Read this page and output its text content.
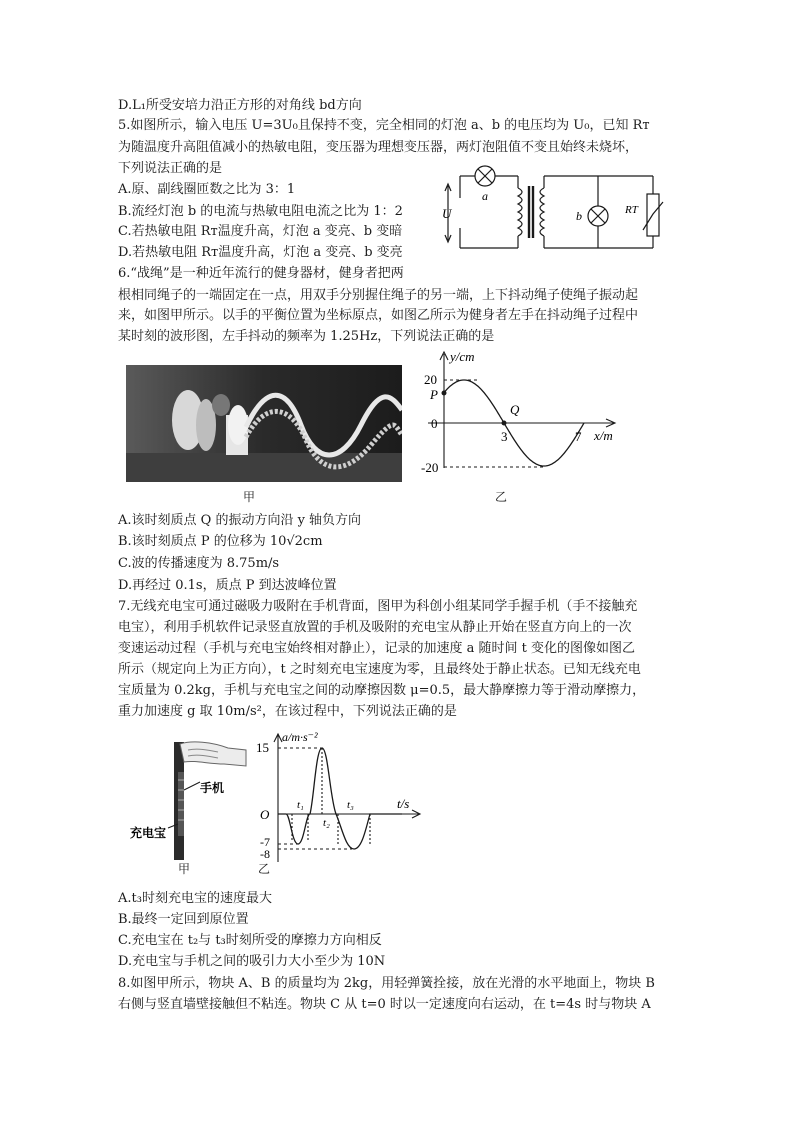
D.L₁所受安培力沿正方形的对角线 bd方向
5.如图所示，输入电压 U=3U₀且保持不变，完全相同的灯泡 a、b 的电压均为 U₀，已知 Rᴛ
为随温度升高阻值减小的热敏电阻，变压器为理想变压器，两灯泡阻值不变且始终未烧坏，
下列说法正确的是
A.原、副线圈匝数之比为 3：1
B.流经灯泡 b 的电流与热敏电阻电流之比为 1：2
C.若热敏电阻 Rᴛ温度升高，灯泡 a 变亮、b 变暗
D.若热敏电阻 Rᴛ温度升高，灯泡 a 变亮、b 变亮
6.“战绳”是一种近年流行的健身器材，健身者把两
根相同绳子的一端固定在一点，用双手分别握住绳子的另一端，上下抖动绳子使绳子振动起
来，如图甲所示。以手的平衡位置为坐标原点，如图乙所示为健身者左手在抖动绳子过程中
某时刻的波形图，左手抖动的频率为 1.25Hz，下列说法正确的是
A.该时刻质点 Q 的振动方向沿 y 轴负方向
B.该时刻质点 P 的位移为 10√2cm
C.波的传播速度为 8.75m/s
D.再经过 0.1s，质点 P 到达波峰位置
7.无线充电宝可通过磁吸力吸附在手机背面，图甲为科创小组某同学手握手机（手不接触充
电宝），利用手机软件记录竖直放置的手机及吸附的充电宝从静止开始在竖直方向上的一次
变速运动过程（手机与充电宝始终相对静止），记录的加速度 a 随时间 t 变化的图像如图乙
所示（规定向上为正方向），t 之时刻充电宝速度为零，且最终处于静止状态。已知无线充电
宝质量为 0.2kg，手机与充电宝之间的动摩擦因数 μ=0.5，最大静摩擦力等于滑动摩擦力，
重力加速度 g 取 10m/s²，在该过程中，下列说法正确的是
A.t₃时刻充电宝的速度最大
B.最终一定回到原位置
C.充电宝在 t₂与 t₃时刻所受的摩擦力方向相反
D.充电宝与手机之间的吸引力大小至少为 10N
8.如图甲所示，物块 A、B 的质量均为 2kg，用轻弹簧拴接，放在光滑的水平地面上，物块 B
右侧与竖直墙壁接触但不粘连。物块 C 从 t=0 时以一定速度向右运动，在 t=4s 时与物块 A
U
a
b	RT
甲
y/cm
x/m
20
0
-20
3	7
P
Q
乙
手机
充电宝
甲
a/m·s⁻²
t/s
15
O
-7
-8
t₁
t₂
t₃
乙
